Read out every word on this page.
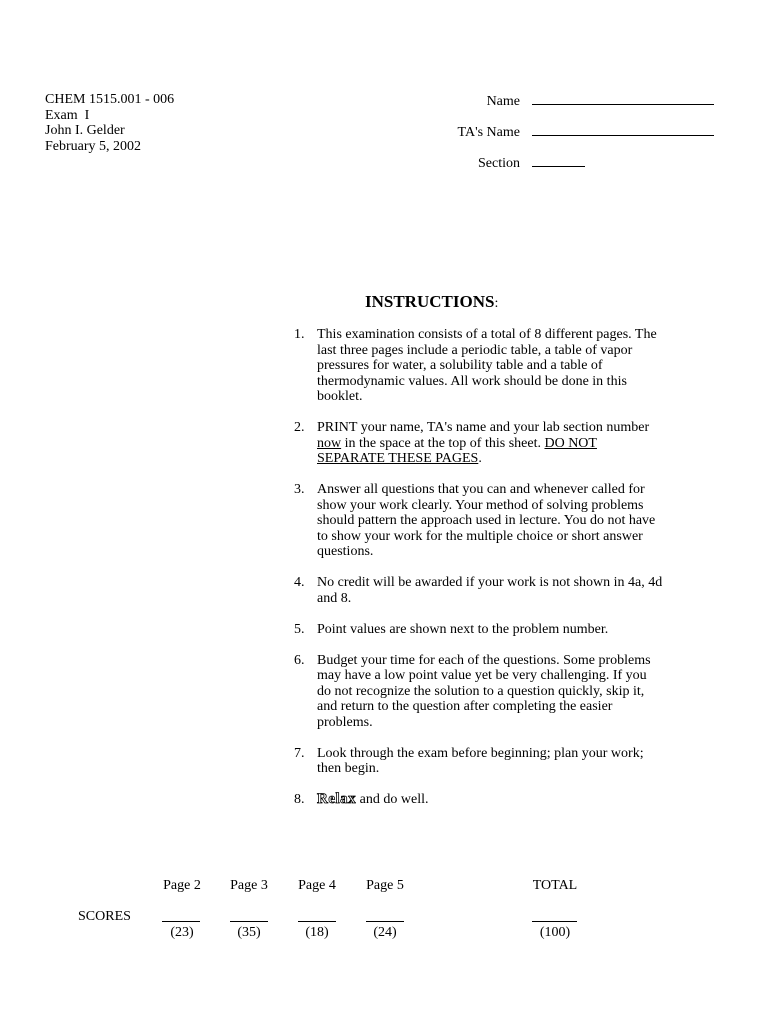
CHEM 1515.001 - 006
Exam  I
John I. Gelder
February 5, 2002
Name
TA's Name
Section
INSTRUCTIONS:
1. This examination consists of a total of 8 different pages. The last three pages include a periodic table, a table of vapor pressures for water, a solubility table and a table of thermodynamic values. All work should be done in this booklet.
2. PRINT your name, TA's name and your lab section number now in the space at the top of this sheet. DO NOT SEPARATE THESE PAGES.
3. Answer all questions that you can and whenever called for show your work clearly. Your method of solving problems should pattern the approach used in lecture. You do not have to show your work for the multiple choice or short answer questions.
4. No credit will be awarded if your work is not shown in 4a, 4d and 8.
5. Point values are shown next to the problem number.
6. Budget your time for each of the questions. Some problems may have a low point value yet be very challenging. If you do not recognize the solution to a question quickly, skip it, and return to the question after completing the easier problems.
7. Look through the exam before beginning; plan your work; then begin.
8. Relax and do well.
SCORES
Page 2
(23)
Page 3
(35)
Page 4
(18)
Page 5
(24)
TOTAL
(100)
